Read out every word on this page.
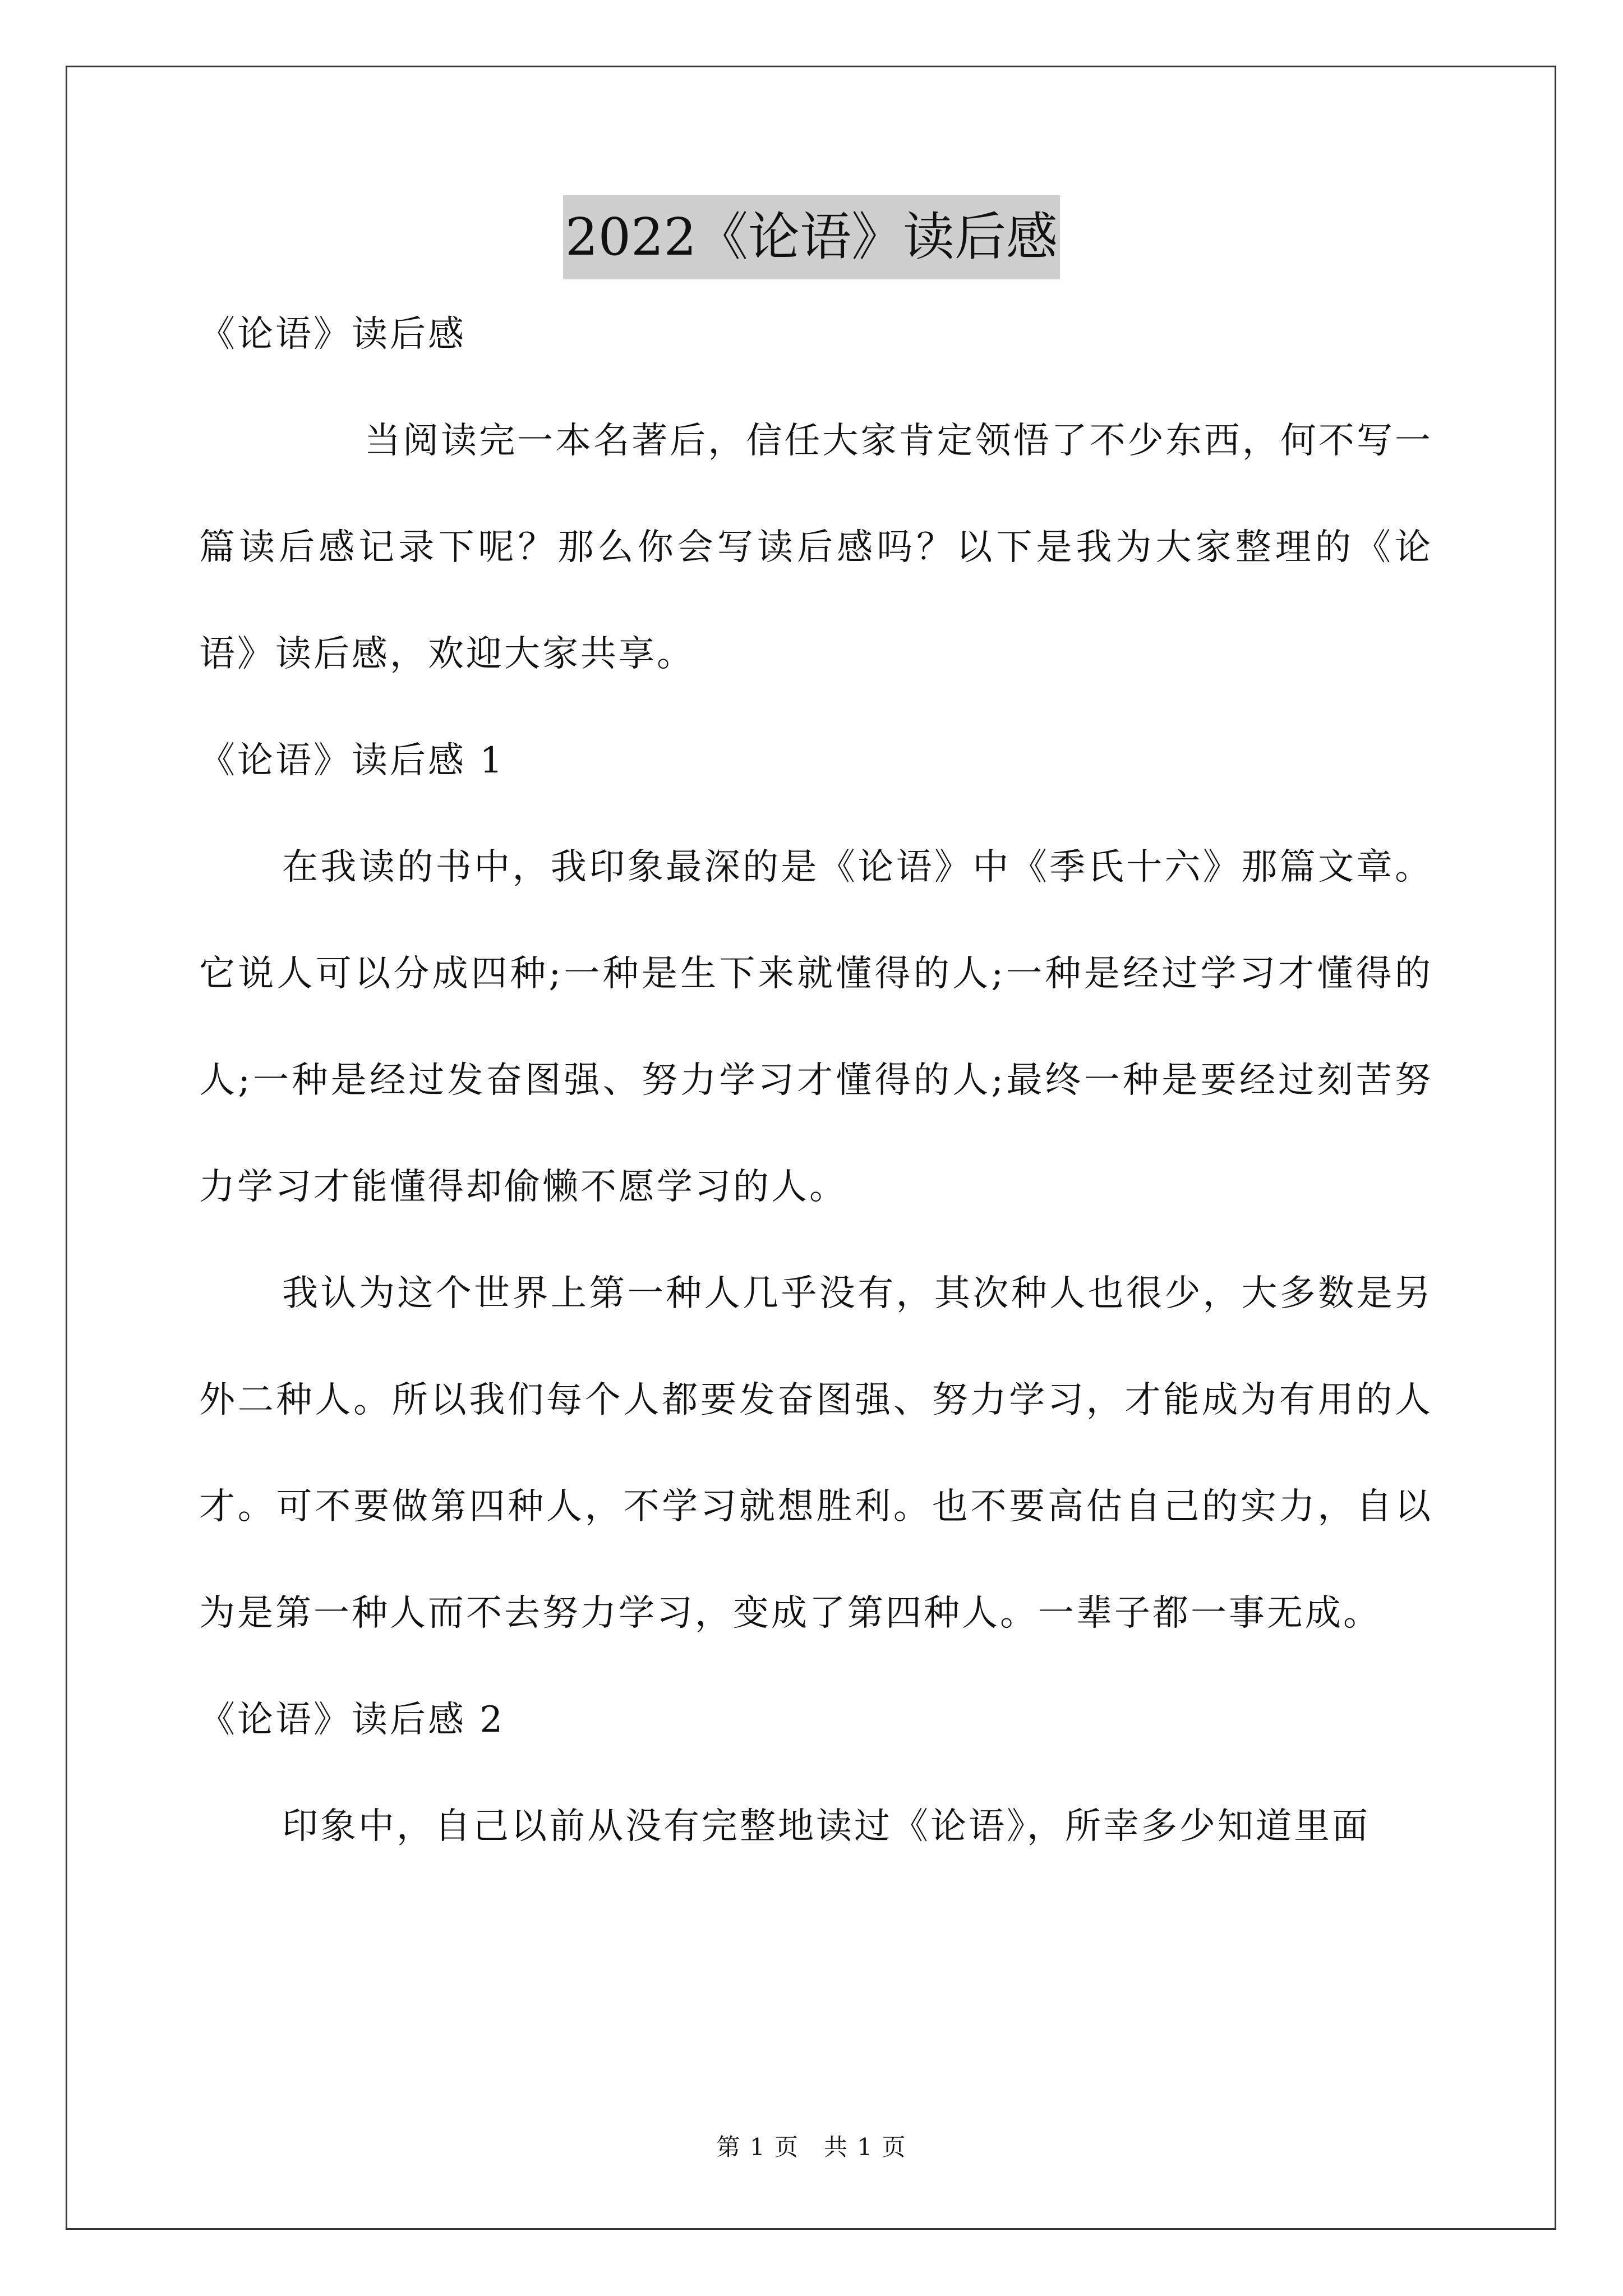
2022《论语》读后感

《论语》读后感

当阅读完一本名著后，信任大家肯定领悟了不少东西，何不写一篇读后感记录下呢？那么你会写读后感吗？以下是我为大家整理的《论语》读后感，欢迎大家共享。

《论语》读后感 1

在我读的书中，我印象最深的是《论语》中《季氏十六》那篇文章。它说人可以分成四种;一种是生下来就懂得的人;一种是经过学习才懂得的人;一种是经过发奋图强、努力学习才懂得的人;最终一种是要经过刻苦努力学习才能懂得却偷懒不愿学习的人。

我认为这个世界上第一种人几乎没有，其次种人也很少，大多数是另外二种人。所以我们每个人都要发奋图强、努力学习，才能成为有用的人才。可不要做第四种人，不学习就想胜利。也不要高估自己的实力，自以为是第一种人而不去努力学习，变成了第四种人。一辈子都一事无成。

《论语》读后感 2

印象中，自己以前从没有完整地读过《论语》，所幸多少知道里面

第 1 页　共 1 页
